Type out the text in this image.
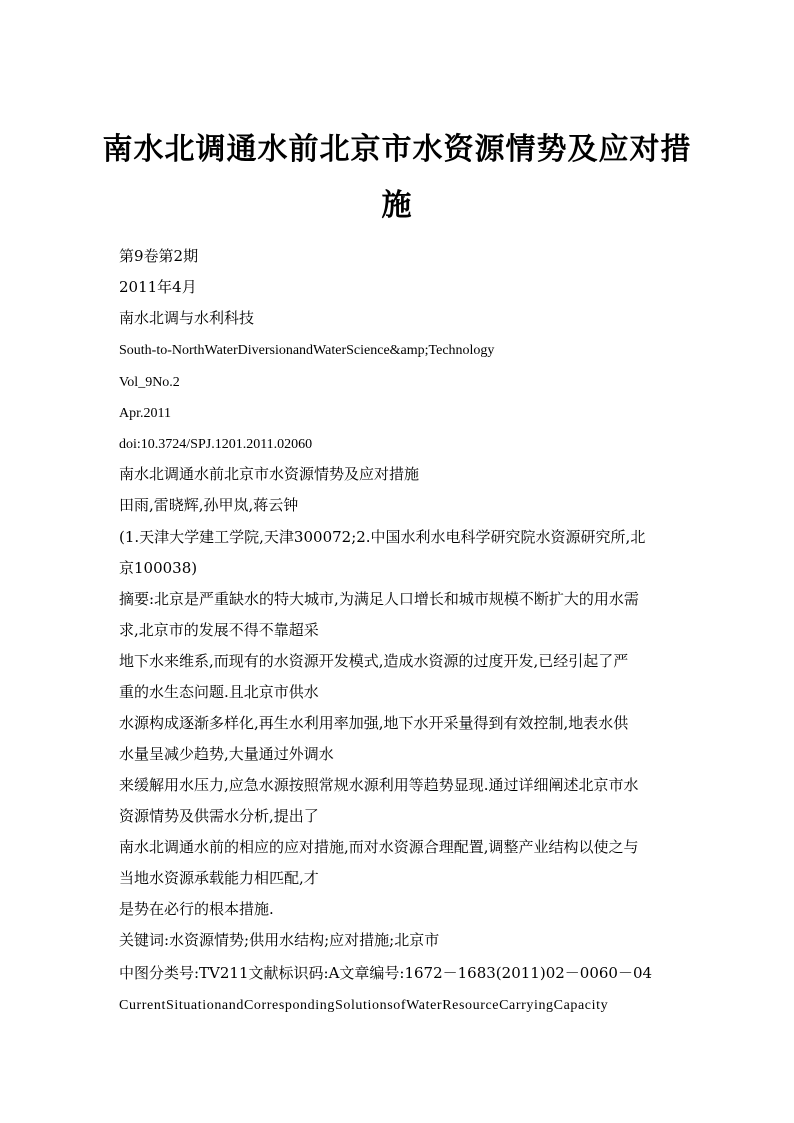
南水北调通水前北京市水资源情势及应对措施
第9卷第2期
2011年4月
南水北调与水利科技
South-to-NorthWaterDiversionandWaterScience&amp;Technology
Vol_9No.2
Apr.2011
doi:10.3724/SPJ.1201.2011.02060
南水北调通水前北京市水资源情势及应对措施
田雨,雷晓辉,孙甲岚,蒋云钟
(1.天津大学建工学院,天津300072;2.中国水利水电科学研究院水资源研究所,北
京100038)
摘要:北京是严重缺水的特大城市,为满足人口增长和城市规模不断扩大的用水需
求,北京市的发展不得不靠超采
地下水来维系,而现有的水资源开发模式,造成水资源的过度开发,已经引起了严
重的水生态问题.且北京市供水
水源构成逐渐多样化,再生水利用率加强,地下水开采量得到有效控制,地表水供
水量呈减少趋势,大量通过外调水
来缓解用水压力,应急水源按照常规水源利用等趋势显现.通过详细阐述北京市水
资源情势及供需水分析,提出了
南水北调通水前的相应的应对措施,而对水资源合理配置,调整产业结构以使之与
当地水资源承载能力相匹配,才
是势在必行的根本措施.
关键词:水资源情势;供用水结构;应对措施;北京市
中图分类号:TV211文献标识码:A文章编号:1672－1683(2011)02－0060－04
CurrentSituationandCorrespondingSolutionsofWaterResourceCarryingCapacity
